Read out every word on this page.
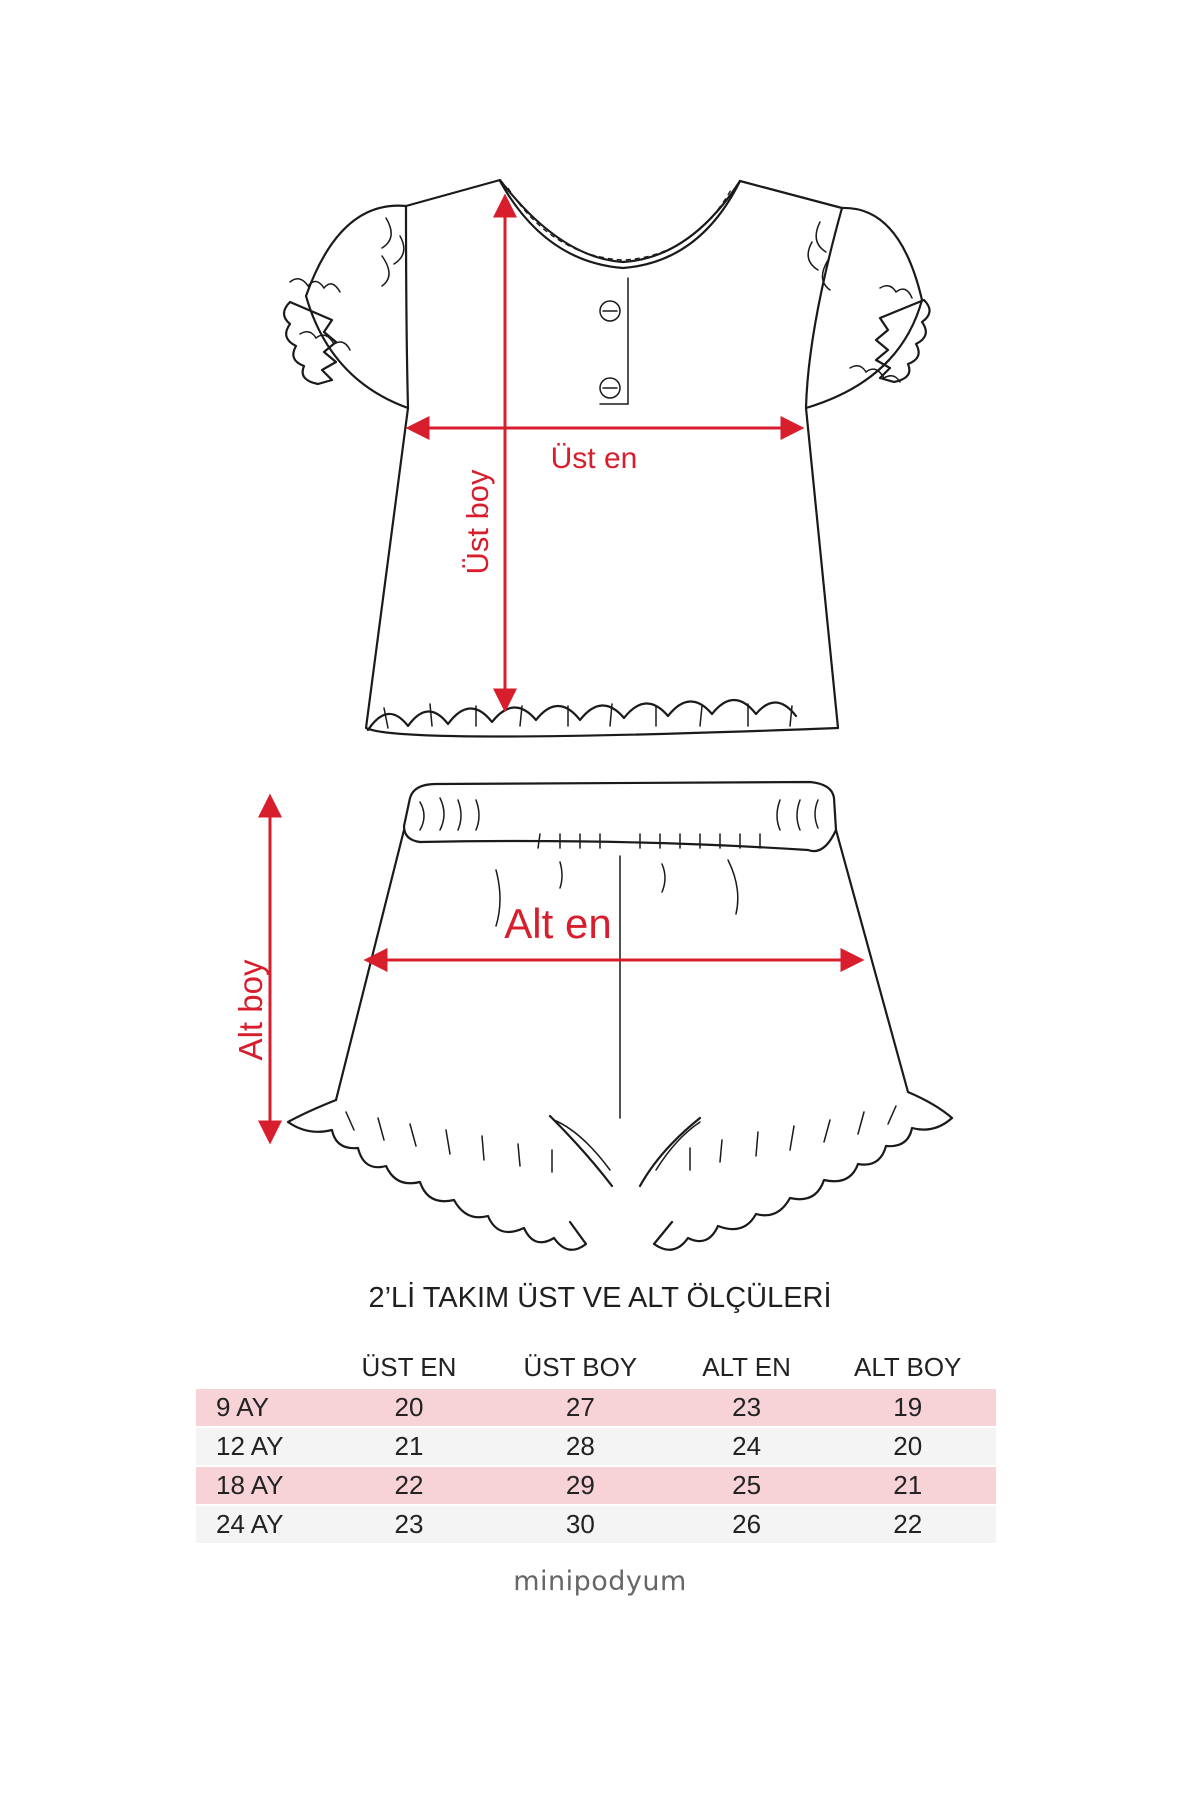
Üst en
Üst boy
Alt en
Alt boy
2’Lİ TAKIM ÜST VE ALT ÖLÇÜLERİ
	ÜST EN	ÜST BOY	ALT EN	ALT BOY
9 AY	20	27	23	19

12 AY	21	28	24	20

18 AY	22	29	25	21

24 AY	23	30	26	22
minipodyum
